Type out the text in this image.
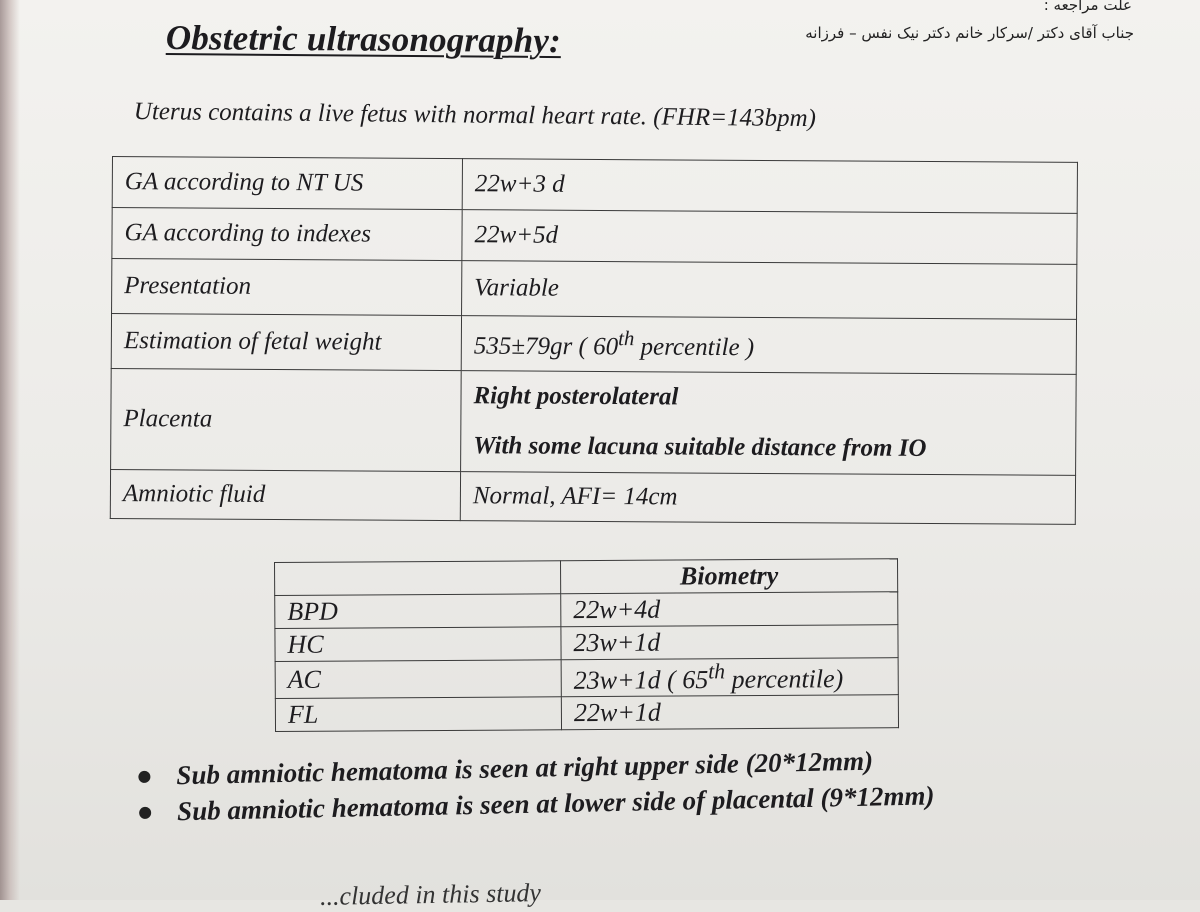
علت مراجعه :
جناب آقای دکتر /سرکار خانم دکتر نیک نفس – فرزانه
Obstetric ultrasonography:
Uterus contains a live fetus with normal heart rate. (FHR=143bpm)
GA according to NT US	22w+3 d
GA according to indexes	22w+5d
Presentation	Variable
Estimation of fetal weight	535±79gr ( 60th percentile )
Placenta	Right posterolateral
With some lacuna suitable distance from IO

Amniotic fluid	Normal, AFI= 14cm
	Biometry
BPD	22w+4d
HC	23w+1d
AC	23w+1d ( 65th percentile)
FL	22w+1d
Sub amniotic hematoma is seen at right upper side (20*12mm)
Sub amniotic hematoma is seen at lower side of placental (9*12mm)
...cluded in this study
